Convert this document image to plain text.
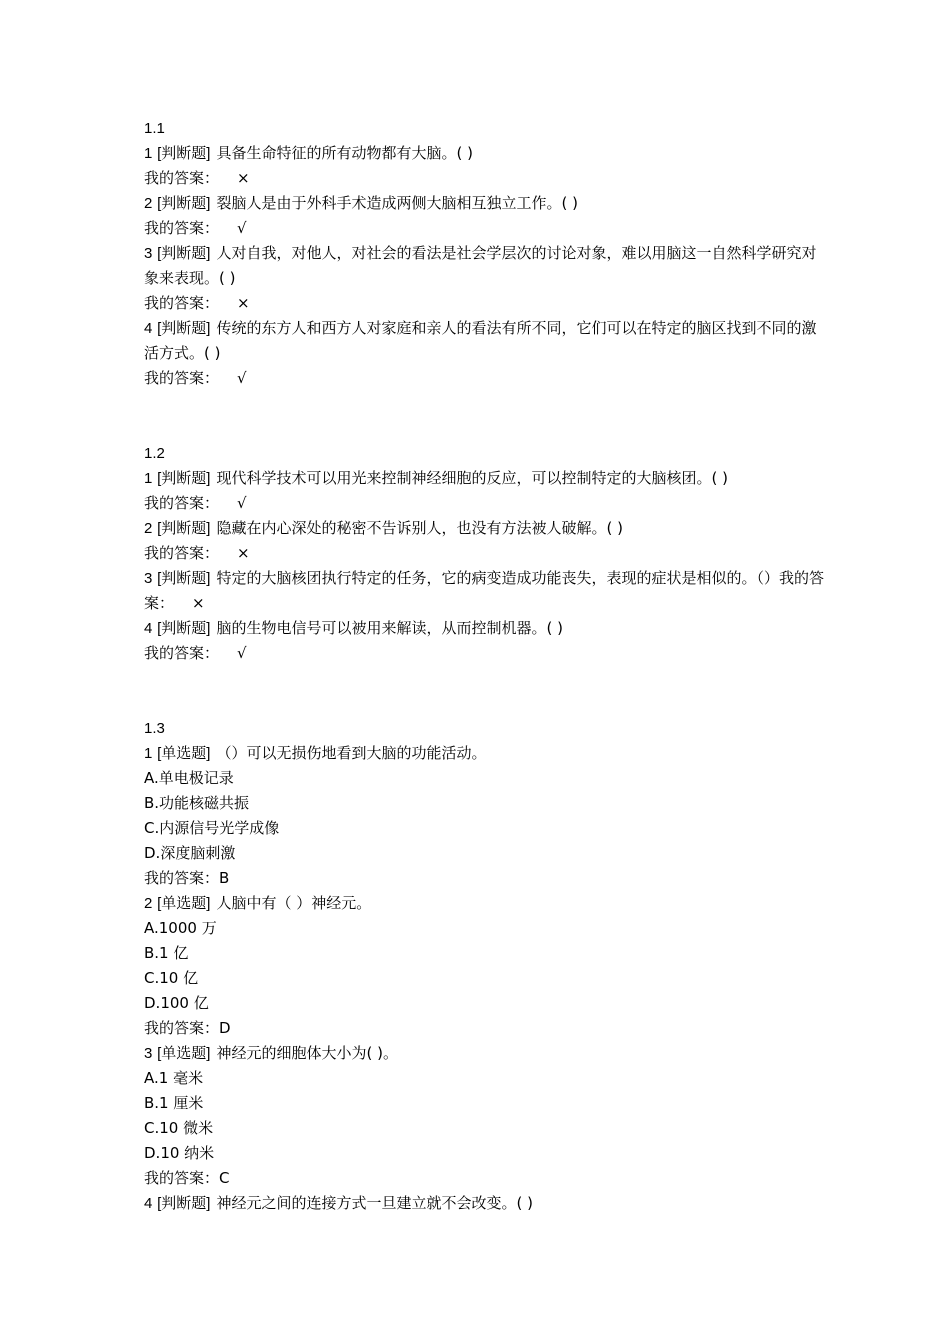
1.1
1 [判断题] 具备生命特征的所有动物都有大脑。( )
我的答案： ×
2 [判断题] 裂脑人是由于外科手术造成两侧大脑相互独立工作。( )
我的答案： √
3 [判断题] 人对自我，对他人，对社会的看法是社会学层次的讨论对象，难以用脑这一自然科学研究对象来表现。( )
我的答案： ×
4 [判断题] 传统的东方人和西方人对家庭和亲人的看法有所不同，它们可以在特定的脑区找到不同的激活方式。( )
我的答案： √
1.2
1 [判断题] 现代科学技术可以用光来控制神经细胞的反应，可以控制特定的大脑核团。( )
我的答案： √
2 [判断题] 隐藏在内心深处的秘密不告诉别人，也没有方法被人破解。( )
我的答案： ×
3 [判断题] 特定的大脑核团执行特定的任务，它的病变造成功能丧失，表现的症状是相似的。（）我的答案： ×
4 [判断题] 脑的生物电信号可以被用来解读，从而控制机器。( )
我的答案： √
1.3
1 [单选题] （）可以无损伤地看到大脑的功能活动。
A.单电极记录
B.功能核磁共振
C.内源信号光学成像
D.深度脑刺激
我的答案：B
2 [单选题] 人脑中有（ ）神经元。
A.1000 万
B.1 亿
C.10 亿
D.100 亿
我的答案：D
3 [单选题] 神经元的细胞体大小为( )。
A.1 毫米
B.1 厘米
C.10 微米
D.10 纳米
我的答案：C
4 [判断题] 神经元之间的连接方式一旦建立就不会改变。( )
